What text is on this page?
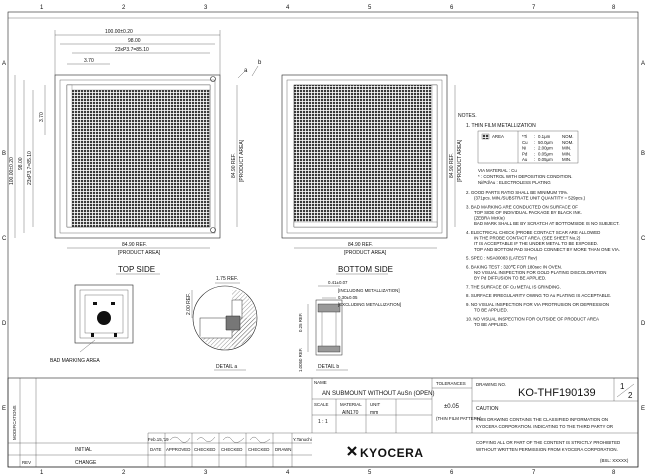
1	2	3	4	5	6	7	8
1	2	3	4	5	6	7	8
A
B
C
D
E
A
B
C
D
E
100.00±0.20
98.00
23xP3.7=85.10
3.70
100.00±0.20 98.00 23xP3.7=85.10
3.70
84.90 REF. [PRODUCT AREA]
84.90 REF.
[PRODUCT AREA]
a
b
TOP SIDE
84.90 REF. [PRODUCT AREA]
84.90 REF.
[PRODUCT AREA]
BOTTOM SIDE
BAD MARKING AREA
1.75 REF.
2.00 REF.
DETAIL a
0.25 REF.
1.0050 REF.
0.41±0.07
[INCLUDING METALLIZATION]
0.30±0.05
[EXCLUDING METALLIZATION]
DETAIL b
NOTES.
1. THIN FILM METALLIZATION
AREA	*Ti : 0.1μm	NOM.
Cu : 50.0μm NOM.
Ni : 2.00μm MIN.
Pd : 0.05μm MIN.
Au : 0.05μm MIN.
VIA MATERIAL : Cu
* : CONTROL WITH DEPOSITION CONDITION.
Ni/Pd/Au : ELECTROLESS PLATING
2. GOOD PARTS RATIO SHALL BE MINIMUM 70%.
(371pcs. MIN./SUBSTRATE UNIT QUANTITY = 529pcs.)
3. BAD MARKING ARE CONDUCTED ON SURFACE OF
TOP SIDE OF INDIVIDUAL PACKAGE BY BLACK INK.
(ZEBRA McKie)
BAD MARK SHALL BE BY SCRATCH AT BOTTOMSIDE IS NO SUBJECT.
4. ELECTRICAL CHECK (PROBE CONTACT SCAR ARE ALLOWED
IN THE PROBE CONTACT AREA. (SEE SHEET No.2)
IT IS ACCEPTABLE IF THE UNDER METAL TO BE EXPOSED.
TOP AND BOTTOM PAD SHOULD CONNECT BY MORE THAN ONE VIA.
5. SPEC : NSA00083 (LATEST Rev)
6. BAKING TEST : 320℃ FOR 180sec IN OVEN.
NO VISUAL INSPECTION FOR GOLD PLATING DISCOLORATION
BY Pd DIFFUSION TO BE APPLIED.
7. THE SURFACE OF Cu METAL IS GRINDING.
8. SURFACE IRREGULARITY OWING TO Au PLATING IS ACCEPTABLE.
9. NO VISUAL INSPECTION FOR VIA PROTRUSION OR DEPRESSION
TO BE APPLIED.
10. NO VISUAL INSPECTION FOR OUTSIDE OF PRODUCT AREA
TO BE APPLIED.
MODIFICATIONS
REV
INITIAL
CHANGE
Feb.15,'19	Y.Tanuchi
DATE APPROVED CHECKED CHECKED CHECKED DRAWN
NAME
AN SUBMOUNT WITHOUT AuSn (OPEN)
SCALE
1 : 1
MATERIAL
AlN170
UNIT
mm
TOLERANCES
±0.05
(THIN FILM PATTERN)
DRAWING NO.
KO-THF190139
1
2
CAUTION
THIS DRAWING CONTAINS THE CLASSIFIED INFORMATION ON
KYOCERA CORPORATION. INDICATING TO THE THIRD PARTY OR
COPYING ALL OR PART OF THE CONTENT IS STRICTLY PROHIBITED
WITHOUT WRITTEN PERMISSION FROM KYOCERA CORPORATION.
(BSL: XXXXX)
KYOCERA
